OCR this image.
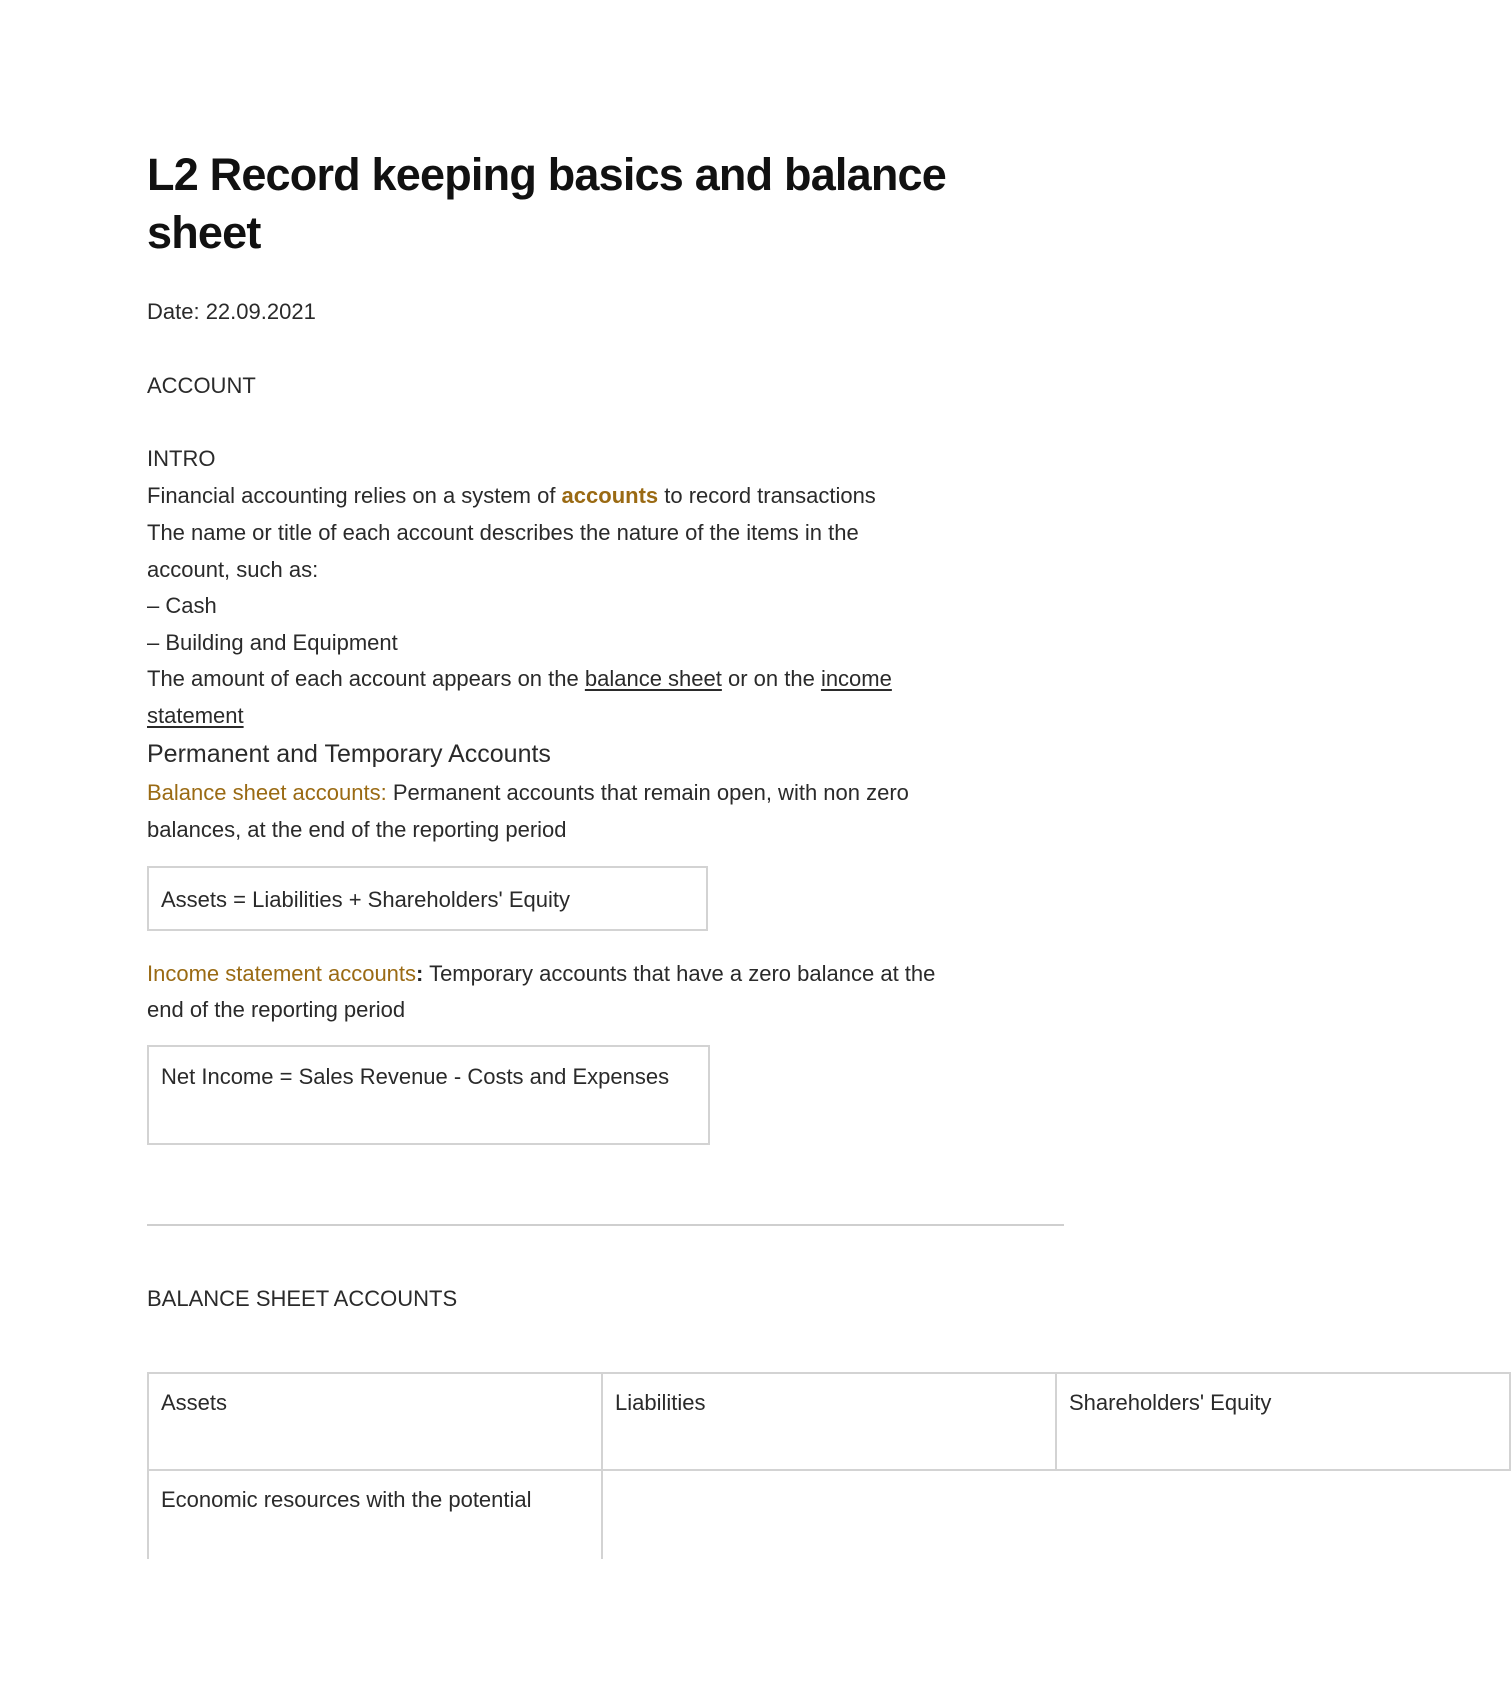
L2 Record keeping basics and balance sheet
Date: 22.09.2021
ACCOUNT
INTRO
Financial accounting relies on a system of accounts to record transactions
The name or title of each account describes the nature of the items in the
account, such as:
– Cash
– Building and Equipment
The amount of each account appears on the balance sheet or on the income
statement
Permanent and Temporary Accounts
Balance sheet accounts: Permanent accounts that remain open, with non zero
balances, at the end of the reporting period
Assets = Liabilities + Shareholders' Equity
Income statement accounts: Temporary accounts that have a zero balance at the
end of the reporting period
Net Income = Sales Revenue - Costs and Expenses
BALANCE SHEET ACCOUNTS
Assets	Liabilities	Shareholders' Equity
Economic resources with the potential
